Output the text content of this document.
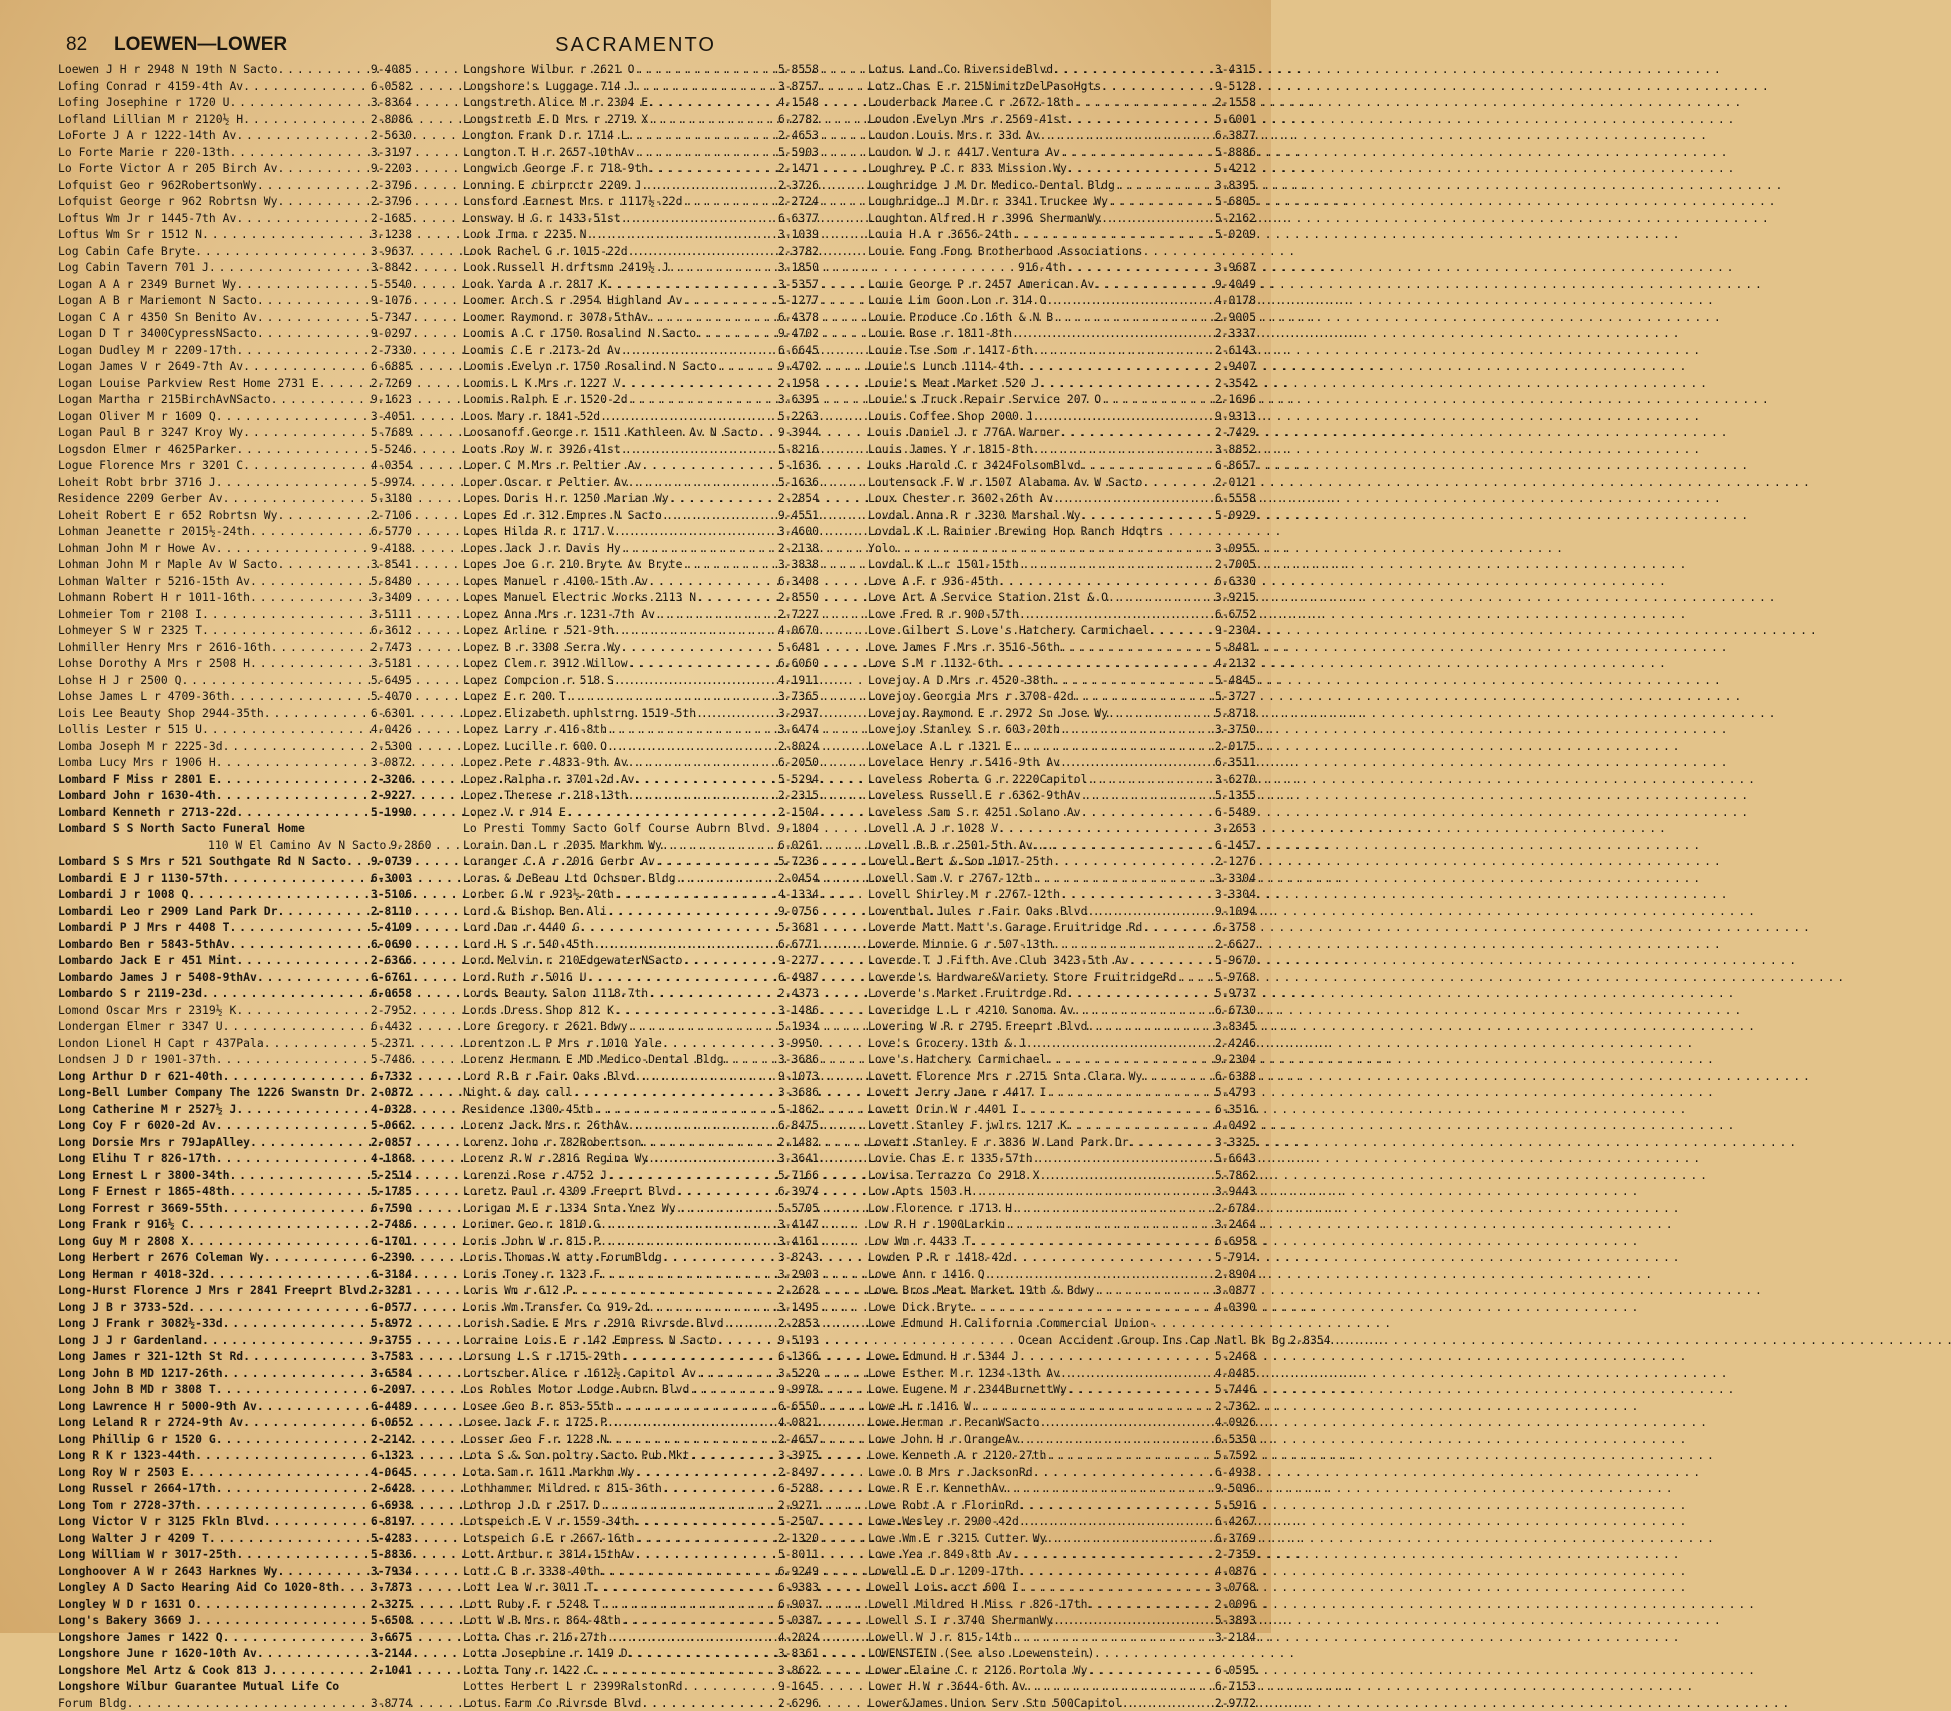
82 LOEWEN—LOWER	SACRAMENTO
Loewen J H r 2948 N 19th N Sacto . . .	9-4085
Lofing Conrad r 4159-4th Av . . .	6-0582
Lofing Josephine r 1720 U . . .	3-8364
Lofland Lillian M r 2120½ H . . .	2-8086
LoForte J A r 1222-14th Av . . .	2-5630
Lo Forte Marie r 220-13th . . .	3-3197
Lo Forte Victor A r 205 Birch Av . . .	9-2203
Lofquist Geo r 962RobertsonWy . . .	2-3796
Lofquist George r 962 Robrtsn Wy . . .	2-3796
Loftus Wm Jr r 1445-7th Av . . .	2-1685
Loftus Wm Sr r 1512 N . . .	3-1238
Log Cabin Cafe Bryte . . .	3-9637
Log Cabin Tavern 701 J . . .	3-8842
Logan A A r 2349 Burnet Wy . . .	5-5540
Logan A B r Mariemont N Sacto . . .	9-1076
Logan C A r 4350 Sn Benito Av . . .	5-7347
Logan D T r 3400CypressNSacto . . .	9-0297
Logan Dudley M r 2209-17th . . .	2-7330
Logan James V r 2649-7th Av . . .	6-6885
Logan Louise Parkview Rest Home 2731 E . . .	2-7269
Logan Martha r 215BirchAvNSacto . . .	9-1623
Logan Oliver M r 1609 Q . . .	3-4051
Logan Paul B r 3247 Kroy Wy . . .	5-7689
Logsdon Elmer r 4625Parker . . .	5-5246
Logue Florence Mrs r 3201 C . . .	4-0354
Loheit Robt brbr 3716 J . . .	5-9974
Residence 2209 Gerber Av . . .	5-3180
Loheit Robert E r 652 Robrtsn Wy . . .	2-7106
Lohman Jeanette r 2015½-24th . . .	6-5770
Lohman John M r Howe Av . . .	9-4188
Lohman John M r Maple Av W Sacto . . .	3-8541
Lohman Walter r 5216-15th Av . . .	5-8480
Lohmann Robert H r 1011-16th . . .	3-3409
Lohmeier Tom r 2108 I . . .	3-5111
Lohmeyer S W r 2325 T . . .	6-3612
Lohmiller Henry Mrs r 2616-16th . . .	2-7473
Lohse Dorothy A Mrs r 2508 H . . .	3-5181
Lohse H J r 2500 Q . . .	5-6495
Lohse James L r 4709-36th . . .	5-4070
Lois Lee Beauty Shop 2944-35th . . .	6-6301
Lollis Lester r 515 U . . .	4-0426
Lomba Joseph M r 2225-3d . . .	2-5300
Lomba Lucy Mrs r 1906 H . . .	3-0872
Lombard F Miss r 2801 E . . .	2-3206
Lombard John r 1630-4th . . .	2-9227
Lombard Kenneth r 2713-22d . . .	5-1990
Lombard S S North Sacto Funeral Home
110 W El Camino Av N Sacto . . . 9-2860
Lombard S S Mrs r 521 Southgate Rd N Sacto . . . 9-0739
Lombardi E J r 1130-57th . . .	6-3003
Lombardi J r 1008 Q . . .	3-5106
Lombardi Leo r 2909 Land Park Dr . . .	2-8110
Lombardi P J Mrs r 4408 T . . .	5-4109
Lombardo Ben r 5843-5thAv . . .	6-0690
Lombardo Jack E r 451 Mint . . .	2-6366
Lombardo James J r 5408-9thAv . . .	6-6761
Lombardo S r 2119-23d . . .	6-0658
Lomond Oscar Mrs r 2319½ K . . .	2-7952
Londergan Elmer r 3347 U . . .	6-4432
London Lionel H Capt r 437Pala . . .	5-2371
Londsen J D r 1901-37th . . .	5-7486
Long Arthur D r 621-40th . . .	6-7332
Long-Bell Lumber Company The 1226 Swanstn Dr . . . 2-0872
Long Catherine M r 2527½ J . . .	4-0328
Long Coy F r 6020-2d Av . . .	5-0662
Long Dorsie Mrs r 79JapAlley . . .	2-0857
Long Elihu T r 826-17th . . .	4-1868
Long Ernest L r 3800-34th . . .	5-2514
Long F Ernest r 1865-48th . . .	5-1785
Long Forrest r 3669-55th . . .	6-7590
Long Frank r 916½ C . . .	2-7486
Long Guy M r 2808 X . . .	6-1701
Long Herbert r 2676 Coleman Wy . . .	6-2390
Long Herman r 4018-32d . . .	6-3184
Long-Hurst Florence J Mrs r 2841 Freeprt Blvd . . . 2-3281
Long J B r 3733-52d . . .	6-0577
Long J Frank r 3082½-33d . . .	5-8972
Long J J r Gardenland . . .	9-3755
Long James r 321-12th St Rd . . .	3-7583
Long John B MD 1217-26th . . .	3-6584
Long John B MD r 3808 T . . .	6-2097
Long Lawrence H r 5000-9th Av . . .	6-4489
Long Leland R r 2724-9th Av . . .	6-0652
Long Phillip G r 1520 G . . .	2-2142
Long R K r 1323-44th . . .	6-1323
Long Roy W r 2503 E . . .	4-0645
Long Russel r 2664-17th . . .	2-6428
Long Tom r 2728-37th . . .	6-6938
Long Victor V r 3125 Fkln Blvd . . .	6-8197
Long Walter J r 4209 T . . .	5-4283
Long William W r 3017-25th . . .	5-8836
Longhoover A W r 2643 Harknes Wy . . .	3-7934
Longley A D Sacto Hearing Aid Co 1020-8th . . .	3-7873
Longley W D r 1631 O . . .	2-3275
Long's Bakery 3669 J . . .	5-6508
Longshore James r 1422 Q . . .	3-6675
Longshore June r 1620-10th Av . . .	3-2144
Longshore Mel Artz & Cook 813 J . . .	2-1041
Longshore Wilbur Guarantee Mutual Life Co
Forum Bldg . . .	3-8774
Longshore Wilbur r 2621 O . . .	5-8558
Longshore's Luggage 714 J . . .	3-8757
Longstreth Alice M r 2304 E . . .	4-1548
Longstreth E D Mrs r 2719 X . . .	6-2782
Longton Frank D r 1714 L . . .	2-4653
Longton T H r 2657-10thAv . . .	5-5903
Longwich George F r 718-9th . . .	2-1471
Lonning E chirprctr 2209 J . . .	2-3726
Lonsford Earnest Mrs r 1117½-22d . . .	2-2724
Lonsway H G r 1433-51st . . .	6-6377
Look Irma r 2235 N . . .	3-1039
Look Rachel G r 1015-22d . . .	2-3782
Look Russell H drftsmn 2419½ J . . .	3-1850
Look Yarda A r 2817 K . . .	3-5357
Loomer Arch S r 2954 Highland Av . . .	5-1277
Loomer Raymond r 3078-5thAv . . .	6-4378
Loomis A C r 1750 Rosalind N Sacto . . .	9-4702
Loomis C E r 2173-2d Av . . .	6-6645
Loomis Evelyn r 1750 Rosalind N Sacto . . .	9-4702
Loomis L K Mrs r 1227 V . . .	2-1958
Loomis Ralph E r 1520-2d . . .	3-6395
Loos Mary r 1841-52d . . .	5-2263
Loosanoff George r 1511 Kathleen Av N Sacto . . . 9-3944
Loots Roy W r 3926-41st . . .	5-8216
Loper C M Mrs r Peltier Av . . .	5-1636
Loper Oscar r Peltier Av . . .	5-1636
Lopes Doris H r 1250 Marian Wy . . .	2-2854
Lopes Ed r 312 Empres N Sacto . . .	9-4551
Lopes Hilda R r 1717 V . . .	3-4600
Lopes Jack J r Davis Hy . . .	2-2138
Lopes Joe G r 210 Bryte Av Bryte . . .	3-3838
Lopes Manuel r 4100-15th Av . . .	6-3408
Lopes Manuel Electric Works 2113 N . . .	2-8550
Lopez Anna Mrs r 1231-7th Av . . .	2-7227
Lopez Arline r 521-9th . . .	4-0670
Lopez B r 3308 Serra Wy . . .	5-6481
Lopez Clem r 3912 Willow . . .	6-6060
Lopez Compcion r 518 S . . .	4-1911
Lopez E r 200 T . . .	3-7365
Lopez Elizabeth uphlstrng 1519-5th . . .	3-2937
Lopez Larry r 416-8th . . .	3-6474
Lopez Lucille r 600 O . . .	2-8024
Lopez Pete r 4833-9th Av . . .	6-2050
Lopez Ralpha r 3701-2d Av . . .	5-5294
Lopez Therese r 218-13th . . .	2-2315
Lopez V r 914 E . . .	2-1504
Lo Presti Tommy Sacto Golf Course Aubrn Blvd . . . 9-1804
Lorain Dan L r 2035 Markhm Wy . . .	6-0261
Loranger C A r 2016 Gerbr Av . . .	5-7236
Loras & DeBeau Ltd Ochsner Bldg . . .	2-0454
Lorber G W r 923½-20th . . .	4-1334
Lord & Bishop Ben Ali . . .	9-0756
Lord Dan r 4440 G . . .	5-3681
Lord H S r 540-45th . . .	6-6771
Lord Melvin r 210EdgewaterNSacto . . .	9-2277
Lord Ruth r 5016 U . . .	6-4987
Lords Beauty Salon 1118-7th . . .	2-4373
Lords Dress Shop 812 K . . .	3-1486
Lore Gregory r 2621 Bdwy . . .	5-1934
Lorentzon L P Mrs r 1010 Yale . . .	3-9950
Lorenz Hermann E MD Medico-Dental Bldg . . .	3-3686
Lord R B r Fair Oaks Blvd . . .	9-1073
Night & day call . . .	3-3686
Residence 1300-45th . . .	5-1862
Lorenz Jack Mrs r 26thAv . . .	6-8475
Lorenz John r 782Robertson . . .	2-1482
Lorenz R W r 2816 Regina Wy . . .	3-3641
Lorenzi Rose r 4752 J . . .	5-7166
Loretz Paul r 4309 Freeprt Blvd . . .	6-3974
Lorigan M E r 1334 Snta Ynez Wy . . .	5-5705
Lorimer Geo r 1810 G . . .	3-4147
Loris John W r 815 P . . .	3-4161
Loris Thomas W atty ForumBldg . . .	3-8243
Loris Toney r 1323 F . . .	3-2903
Loris Wm r 612 P . . .	2-2628
Loris Wm Transfer Co 919-2d . . .	3-1495
Lorish Sadie E Mrs r 2910 Rivrsde Blvd . . .	2-2853
Lorraine Lois E r 142 Empress N Sacto . . .	9-5193
Lorsung L S r 1715-29th . . .	6-1366
Lortscher Alice r 1612½ Capitol Av . . .	3-5220
Los Robles Motor Lodge Aubrn Blvd . . .	9-9978
Losee Geo B r 853-55th . . .	6-6550
Losee Jack F r 1725 P . . .	4-0821
Losser Geo F r 1228 N . . .	2-4657
Lota S & Son poltry Sacto Pub Mkt . . .	3-3975
Lota Sam r 1611 Markhm Wy . . .	2-8497
Lothhammer Mildred r 815-36th . . .	6-5288
Lothrop J D r 2517 D . . .	2-9271
Lotspeich E V r 1559-34th . . .	5-2507
Lotspeich G E r 2667-16th . . .	2-1320
Lott Arthur r 3814-15thAv . . .	5-8011
Lott C B r 3338-40th . . .	6-9249
Lott Lea W r 3011 T . . .	6-9383
Lott Ruby F r 5248 T . . .	6-9037
Lott W B Mrs r 864-48th . . .	5-0387
Lotta Chas r 216-27th . . .	4-2024
Lotta Josephine r 1419 D . . .	3-8361
Lotta Tony r 1422 C . . .	3-8622
Lottes Herbert L r 2399RalstonRd . . .	9-1645
Lotus Farm Co Rivrsde Blvd . . .	2-6296
Lotus Land Co RiversideBlvd . . .	3-4315
Lotz Chas E r 215NimitzDelPasoHgts . . .	9-5128
Louderback Maree C r 2672-18th . . .	2-1558
Loudon Evelyn Mrs r 2569-41st . . .	5-6001
Loudon Louis Mrs r 33d Av . . .	6-3877
Loudon W J r 4417 Ventura Av . . .	5-8886
Loughrey P C r 833 Mission Wy . . .	5-4212
Loughridge J M Dr Medico-Dental Bldg . . .	3-8395
Loughridge J M Dr r 3341 Truckee Wy . . .	5-6805
Loughton Alfred H r 3996 ShermanWy . . .	5-2162
Louia H A r 3656-24th . . .	5-0209
Louie Fong Fong Brotherhood Associations
916-4th . . .	3-9687
Louie George P r 2457 American Av . . .	9-4049
Louie Lim Goon Lon r 314 O . . .	4-0178
Louie Produce Co 16th & N B . . .	2-9005
Louie Rose r 1811-8th . . .	2-3337
Louie Tse Som r 1417-6th . . .	2-6143
Louie's Lunch 1114-4th . . .	2-9407
Louie's Meat Market 520 J . . .	2-3542
Louie's Truck Repair Service 207 O . . .	2-1696
Louis Coffee Shop 2000 J . . .	9-9313
Louis Daniel J r 776A Warner . . .	2-7429
Louis James Y r 1815-8th . . .	3-8852
Louks Harold C r 3424FolsomBlvd . . .	6-8657
Loutensock F W r 1507 Alabama Av W Sacto . . .	2-0121
Loux Chester r 3602-26th Av . . .	6-5558
Lovdal Anna R r 3230 Marshal Wy . . .	5-0929
Lovdal K L Rainier Brewing Hop Ranch Hdqtrs
Yolo . . .	3-0955
Lovdal K L r 1501-15th . . .	2-7005
Love A F r 936-45th . . .	6-6330
Love Art A Service Station 21st & O . . .	3-9215
Love Fred R r 900-57th . . .	6-6752
Love Gilbert S Love's Hatchery Carmichael . . .	9-2304
Love James F Mrs r 3516-56th . . .	5-8481
Love S M r 1132-6th . . .	4-2132
Lovejoy A D Mrs r 4520-38th . . .	5-4845
Lovejoy Georgia Mrs r 3708-42d . . .	5-3727
Lovejoy Raymond E r 2972 Sn Jose Wy . . .	5-8718
Lovejoy Stanley S r 603-20th . . .	3-3750
Lovelace A L r 1321 E . . .	2-0175
Lovelace Henry r 5416-9th Av . . .	6-3511
Loveless Roberta G r 2220Capitol . . .	3-6270
Loveless Russell E r 6362-9thAv . . .	5-1355
Loveless Sam S r 4251 Solano Av . . .	6-5489
Lovell A J r 1028 V . . .	3-2653
Lovell B B r 2501-5th Av . . .	6-1457
Lovell Bert & Son 1017-25th . . .	2-1276
Lovell Sam V r 2767-12th . . .	3-3304
Lovell Shirley M r 2767-12th . . .	3-3304
Loventhal Jules r Fair Oaks Blvd . . .	9-1094
Loverde Matt Matt's Garage Fruitridge Rd . . .	6-3758
Loverde Minnie G r 507-13th . . .	2-6627
Loverde T J Fifth Ave Club 3423-5th Av . . .	5-9670
Loverde's Hardware&Variety Store FruitridgeRd . . .	5-9768
Loverde's Market Fruitrdge Rd . . .	5-9737
Loveridge L L r 4210 Sonoma Av . . .	6-6730
Lovering W R r 2795 Freeprt Blvd . . .	3-8345
Love's Grocery 13th & J . . .	2-4246
Love's Hatchery Carmichael . . .	9-2304
Lovett Florence Mrs r 2715 Snta Clara Wy . . .	6-6388
Lovett Jerry Jane r 4417 I . . .	5-4793
Lovett Orin W r 4401 I . . .	6-3516
Lovett Stanley F jwlrs 1217 K . . .	4-0492
Lovett Stanley F r 3836 W Land Park Dr . . .	3-3325
Lovie Chas E r 1335-57th . . .	5-6643
Lovisa Terrazzo Co 2918 X . . .	5-7862
Low Apts 1503 H . . .	3-9443
Low Florence r 1713 H . . .	2-6784
Low R H r 1900Larkin . . .	3-2464
Low Wm r 4433 T . . .	6-6958
Lowden P R r 1418-42d . . .	5-7914
Lowe Ann r 1416 Q . . .	2-8904
Lowe Bros Meat Market 19th & Bdwy . . .	3-0877
Lowe Dick Bryte . . .	4-0390
Lowe Edmund H California Commercial Union-
Ocean Accident Group Ins Cap Natl Bk Bg . . . 2-8354
Lowe Edmund H r 5344 J . . .	5-2468
Lowe Esther M r 1234-13th Av . . .	4-0485
Lowe Eugene M r 2344BurnettWy . . .	5-7446
Lowe H r 1416 W . . .	2-7362
Lowe Herman r PecanWSacto . . .	4-0926
Lowe John H r OrangeAv . . .	6-5350
Lowe Kenneth A r 2120-27th . . .	5-7592
Lowe O B Mrs r JacksonRd . . .	6-4938
Lowe R E r KennethAv . . .	9-5096
Lowe Robt A r FlorinRd . . .	5-5916
Lowe Wesley r 2900-42d . . .	6-4267
Lowe Wm E r 3215 Cutter Wy . . .	6-3769
Lowe Yea r 849-8th Av . . .	2-7359
Lowell E D r 1209-17th . . .	4-0876
Lowell Lois acct 600 I . . .	3-0768
Lowell Mildred H Miss r 826-17th . . .	2-0096
Lowell S I r 3740 ShermanWy . . .	5-3893
Lowell W J r 815-14th . . .	3-2184
LOWENSTEIN (See also Loewenstein)
Lower Elaine C r 2126 Portola Wy . . .	6-0595
Lower H W r 3644-6th Av . . .	6-7153
Lower&James Union Serv Stn 500Capitol . . .	2-9772
